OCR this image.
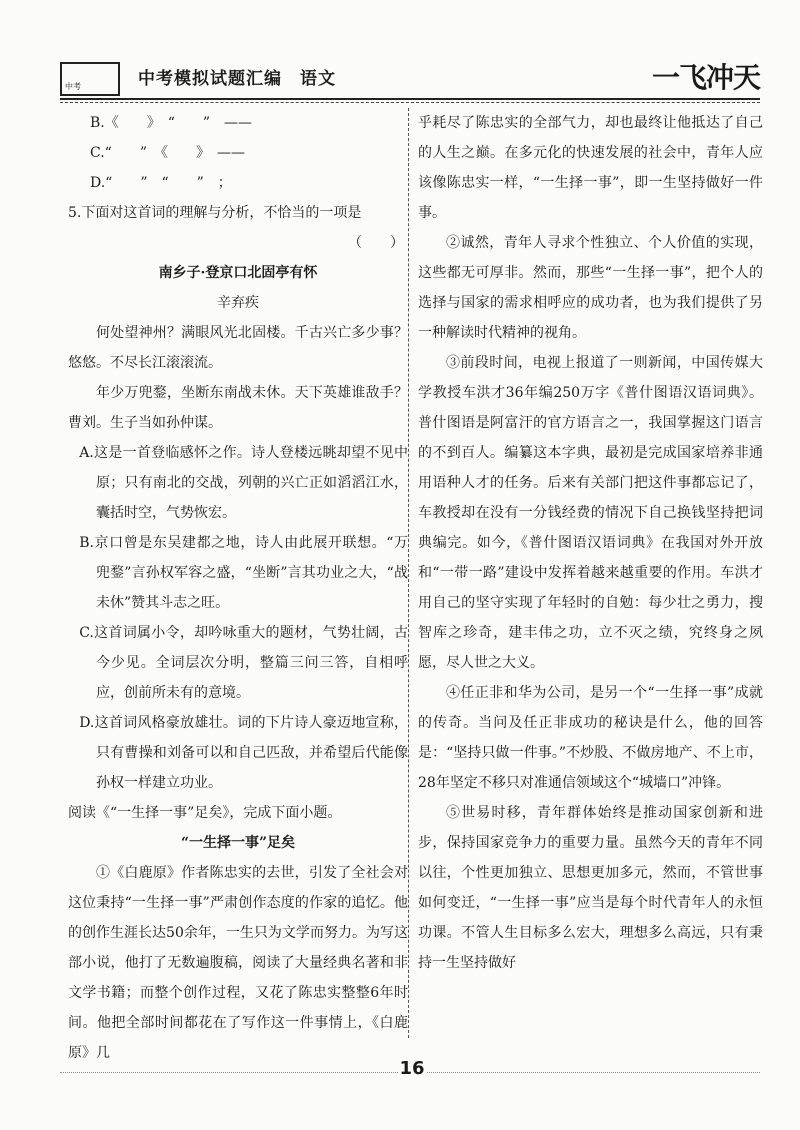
中考	中考模拟试题汇编　语文	一飞冲天
B.《　　》　“　　”　——
C.“　　”　《　　》　——
D.“　　”　“　　”　；
5.下面对这首词的理解与分析，不恰当的一项是
（　　）
南乡子·登京口北固亭有怀
辛弃疾
何处望神州？满眼风光北固楼。千古兴亡多少事？悠悠。不尽长江滚滚流。
年少万兜鍪，坐断东南战未休。天下英雄谁敌手？曹刘。生子当如孙仲谋。
A.这是一首登临感怀之作。诗人登楼远眺却望不见中原；只有南北的交战，列朝的兴亡正如滔滔江水，囊括时空，气势恢宏。
B.京口曾是东吴建都之地，诗人由此展开联想。“万兜鍪”言孙权军容之盛，“坐断”言其功业之大，“战未休”赞其斗志之旺。
C.这首词属小令，却吟咏重大的题材，气势壮阔，古今少见。全词层次分明，整篇三问三答，自相呼应，创前所未有的意境。
D.这首词风格豪放雄壮。词的下片诗人豪迈地宣称，只有曹操和刘备可以和自己匹敌，并希望后代能像孙权一样建立功业。
阅读《“一生择一事”足矣》，完成下面小题。
“一生择一事”足矣
①《白鹿原》作者陈忠实的去世，引发了全社会对这位秉持“一生择一事”严肃创作态度的作家的追忆。他的创作生涯长达50余年，一生只为文学而努力。为写这部小说，他打了无数遍腹稿，阅读了大量经典名著和非文学书籍；而整个创作过程，又花了陈忠实整整6年时间。他把全部时间都花在了写作这一件事情上，《白鹿原》几
乎耗尽了陈忠实的全部气力，却也最终让他抵达了自己的人生之巅。在多元化的快速发展的社会中，青年人应该像陈忠实一样，“一生择一事”，即一生坚持做好一件事。
②诚然，青年人寻求个性独立、个人价值的实现，这些都无可厚非。然而，那些“一生择一事”，把个人的选择与国家的需求相呼应的成功者，也为我们提供了另一种解读时代精神的视角。
③前段时间，电视上报道了一则新闻，中国传媒大学教授车洪才36年编250万字《普什图语汉语词典》。普什图语是阿富汗的官方语言之一，我国掌握这门语言的不到百人。编纂这本字典，最初是完成国家培养非通用语种人才的任务。后来有关部门把这件事都忘记了，车教授却在没有一分钱经费的情况下自己换钱坚持把词典编完。如今，《普什图语汉语词典》在我国对外开放和“一带一路”建设中发挥着越来越重要的作用。车洪才用自己的坚守实现了年轻时的自勉：每少壮之勇力，搜智库之珍奇，建丰伟之功，立不灭之绩，究终身之夙愿，尽人世之大义。
④任正非和华为公司，是另一个“一生择一事”成就的传奇。当问及任正非成功的秘诀是什么，他的回答是：“坚持只做一件事。”不炒股、不做房地产、不上市，28年坚定不移只对准通信领域这个“城墙口”冲锋。
⑤世易时移，青年群体始终是推动国家创新和进步，保持国家竞争力的重要力量。虽然今天的青年不同以往，个性更加独立、思想更加多元，然而，不管世事如何变迁，“一生择一事”应当是每个时代青年人的永恒功课。不管人生目标多么宏大，理想多么高远，只有秉持一生坚持做好
16
